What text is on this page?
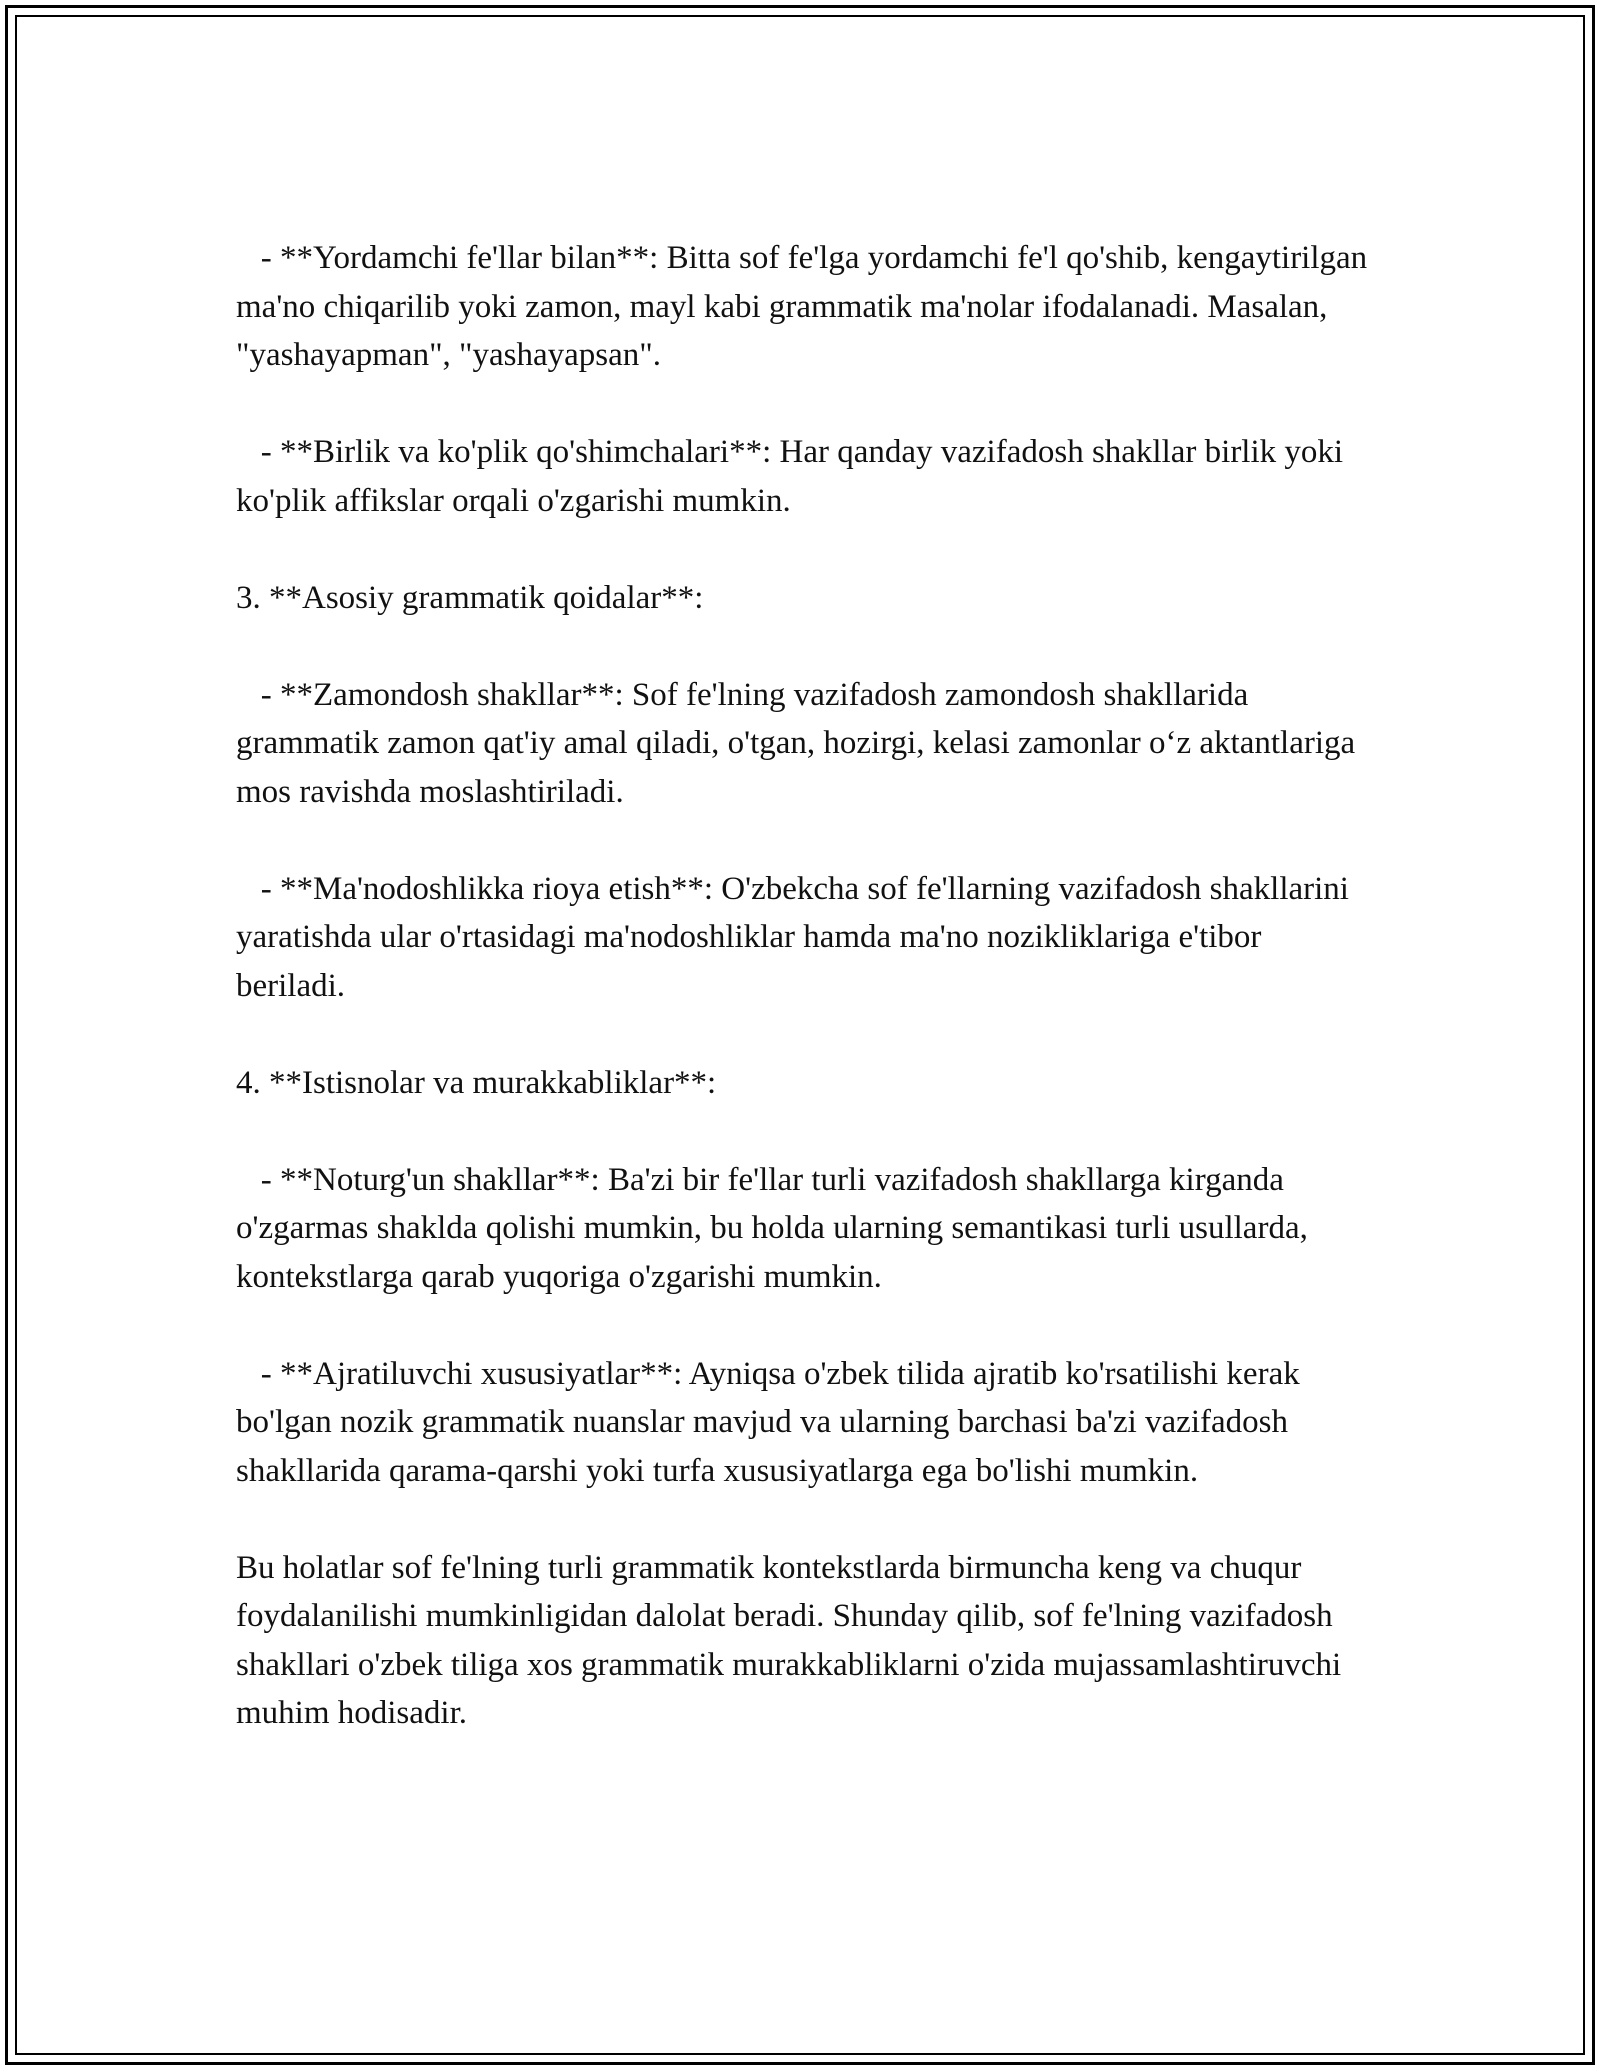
- **Yordamchi fe'llar bilan**: Bitta sof fe'lga yordamchi fe'l qo'shib, kengaytirilgan ma'no chiqarilib yoki zamon, mayl kabi grammatik ma'nolar ifodalanadi. Masalan, "yashayapman", "yashayapsan".

- **Birlik va ko'plik qo'shimchalari**: Har qanday vazifadosh shakllar birlik yoki ko'plik affikslar orqali o'zgarishi mumkin.

3. **Asosiy grammatik qoidalar**:

- **Zamondosh shakllar**: Sof fe'lning vazifadosh zamondosh shakllarida grammatik zamon qat'iy amal qiladi, o'tgan, hozirgi, kelasi zamonlar o‘z aktantlariga mos ravishda moslashtiriladi.

- **Ma'nodoshlikka rioya etish**: O'zbekcha sof fe'llarning vazifadosh shakllarini yaratishda ular o'rtasidagi ma'nodoshliklar hamda ma'no nozikliklariga e'tibor beriladi.

4. **Istisnolar va murakkabliklar**:

- **Noturg'un shakllar**: Ba'zi bir fe'llar turli vazifadosh shakllarga kirganda o'zgarmas shaklda qolishi mumkin, bu holda ularning semantikasi turli usullarda, kontekstlarga qarab yuqoriga o'zgarishi mumkin.

- **Ajratiluvchi xususiyatlar**: Ayniqsa o'zbek tilida ajratib ko'rsatilishi kerak bo'lgan nozik grammatik nuanslar mavjud va ularning barchasi ba'zi vazifadosh shakllarida qarama-qarshi yoki turfa xususiyatlarga ega bo'lishi mumkin.

Bu holatlar sof fe'lning turli grammatik kontekstlarda birmuncha keng va chuqur foydalanilishi mumkinligidan dalolat beradi. Shunday qilib, sof fe'lning vazifadosh shakllari o'zbek tiliga xos grammatik murakkabliklarni o'zida mujassamlashtiruvchi muhim hodisadir.
